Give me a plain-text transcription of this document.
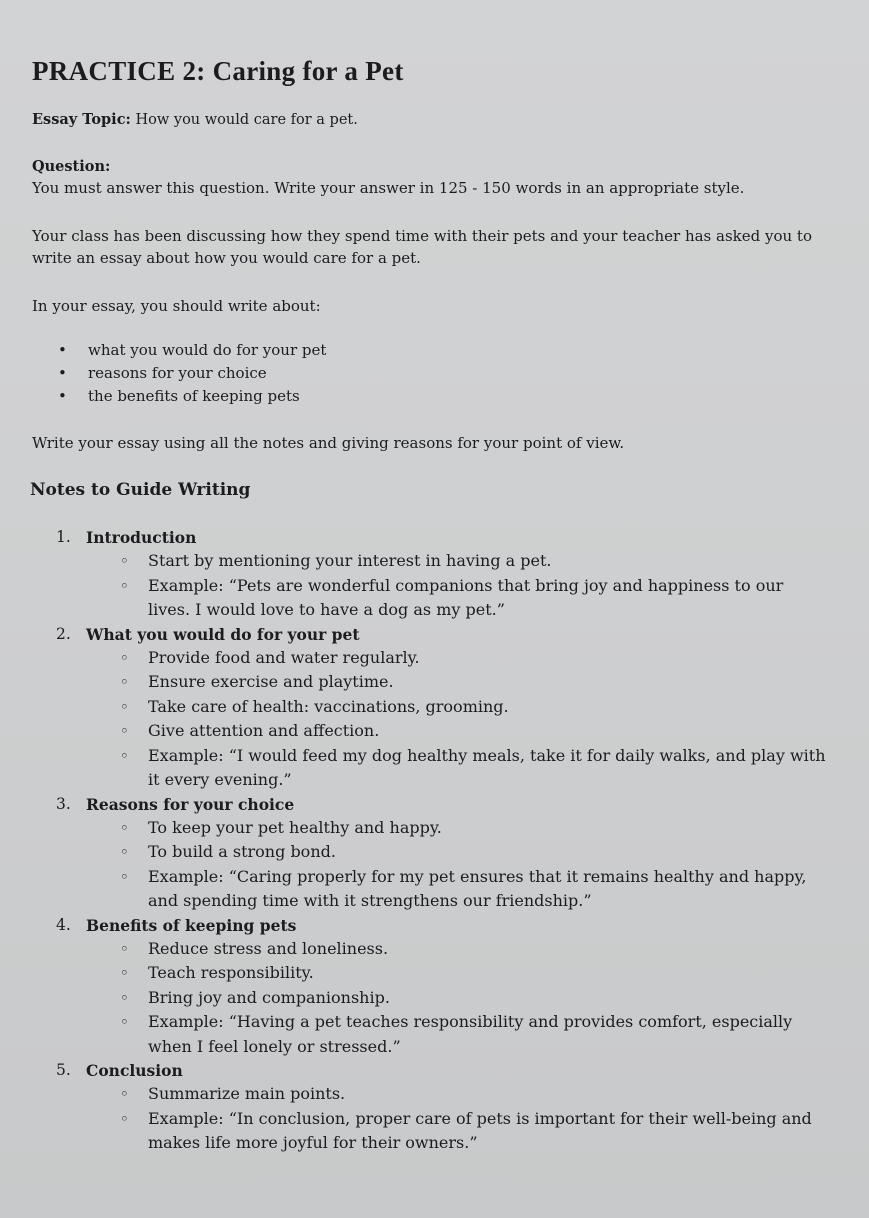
PRACTICE 2: Caring for a Pet

Essay Topic: How you would care for a pet.

Question:

You must answer this question. Write your answer in 125 - 150 words in an appropriate style.

Your class has been discussing how they spend time with their pets and your teacher has asked you to write an essay about how you would care for a pet.

In your essay, you should write about:

• what you would do for your pet
• reasons for your choice
• the benefits of keeping pets

Write your essay using all the notes and giving reasons for your point of view.

Notes to Guide Writing
1. Introduction
◦ Start by mentioning your interest in having a pet.
◦ Example: “Pets are wonderful companions that bring joy and happiness to our lives. I would love to have a dog as my pet.”
2. What you would do for your pet
◦ Provide food and water regularly.
◦ Ensure exercise and playtime.
◦ Take care of health: vaccinations, grooming.
◦ Give attention and affection.
◦ Example: “I would feed my dog healthy meals, take it for daily walks, and play with it every evening.”
3. Reasons for your choice
◦ To keep your pet healthy and happy.
◦ To build a strong bond.
◦ Example: “Caring properly for my pet ensures that it remains healthy and happy, and spending time with it strengthens our friendship.”
4. Benefits of keeping pets
◦ Reduce stress and loneliness.
◦ Teach responsibility.
◦ Bring joy and companionship.
◦ Example: “Having a pet teaches responsibility and provides comfort, especially when I feel lonely or stressed.”
5. Conclusion
◦ Summarize main points.
◦ Example: “In conclusion, proper care of pets is important for their well-being and makes life more joyful for their owners.”
